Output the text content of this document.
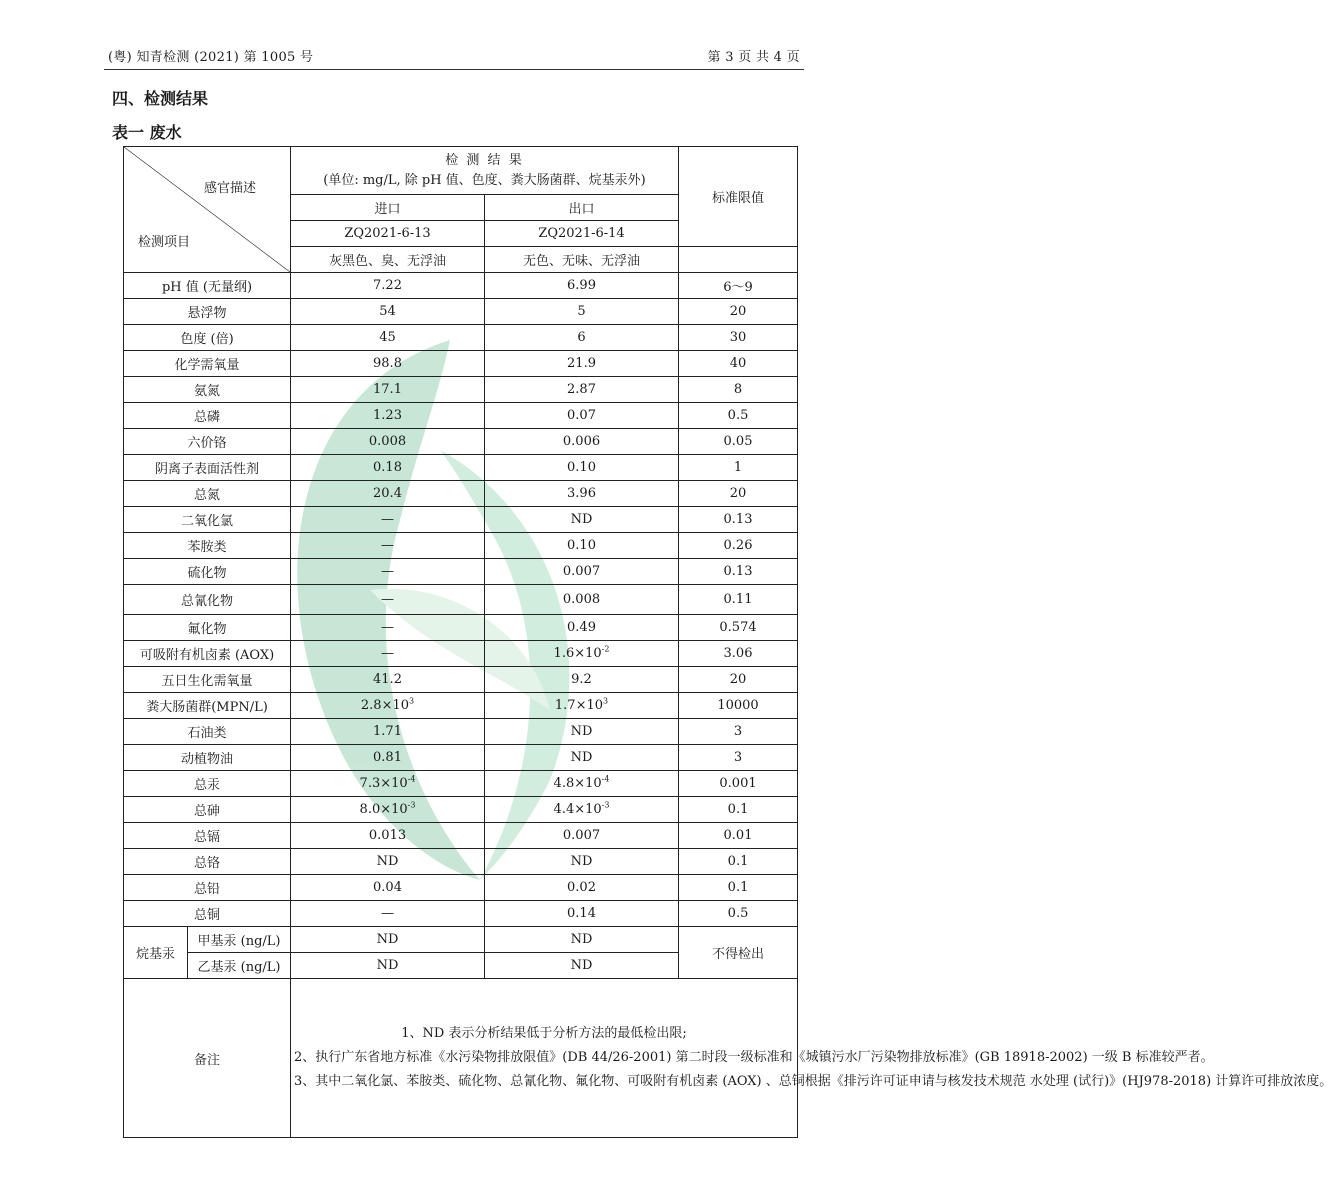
(粤) 知青检测 (2021) 第 1005 号	第 3 页 共 4 页
四、检测结果
表一 废水
感官描述
检测项目		检 测 结 果
(单位: mg/L, 除 pH 值、色度、粪大肠菌群、烷基汞外)		标准限值
		进口	出口	
		ZQ2021-6-13	ZQ2021-6-14	
		灰黑色、臭、无浮油	无色、无味、无浮油	
pH 值 (无量纲)		7.22	6.99	6～9
悬浮物		54	5	20
色度 (倍)		45	6	30
化学需氧量		98.8	21.9	40
氨氮		17.1	2.87	8
总磷		1.23	0.07	0.5
六价铬		0.008	0.006	0.05
阴离子表面活性剂		0.18	0.10	1
总氮		20.4	3.96	20
二氧化氯		—	ND	0.13
苯胺类		—	0.10	0.26
硫化物		—	0.007	0.13
总氰化物		—	0.008	0.11
氟化物		—	0.49	0.574
可吸附有机卤素 (AOX)		—	$1.6\times 10^{-2}$	3.06
五日生化需氧量		41.2	9.2	20
粪大肠菌群(MPN/L)		$2.8\times 10^3$	$1.7\times 10^3$	10000
石油类		1.71	ND	3
动植物油		0.81	ND	3
总汞		$7.3\times 10^{-4}$	$4.8\times 10^{-4}$	0.001
总砷		$8.0\times 10^{-3}$	$4.4\times 10^{-3}$	0.1
总镉		0.013	0.007	0.01
总铬		ND	ND	0.1
总铅		0.04	0.02	0.1
总铜		—	0.14	0.5
烷基汞	甲基汞 (ng/L)	ND	ND	不得检出
	乙基汞 (ng/L)	ND	ND	
备注		1、ND 表示分析结果低于分析方法的最低检出限;
2、执行广东省地方标准《水污染物排放限值》(DB 44/26-2001) 第二时段一级标准和《城镇污水厂污染物排放标准》(GB 18918-2002) 一级 B 标准较严者。
3、其中二氧化氯、苯胺类、硫化物、总氰化物、氟化物、可吸附有机卤素 (AOX) 、总铜根据《排污许可证申请与核发技术规范 水处理 (试行)》(HJ978-2018) 计算许可排放浓度。		
